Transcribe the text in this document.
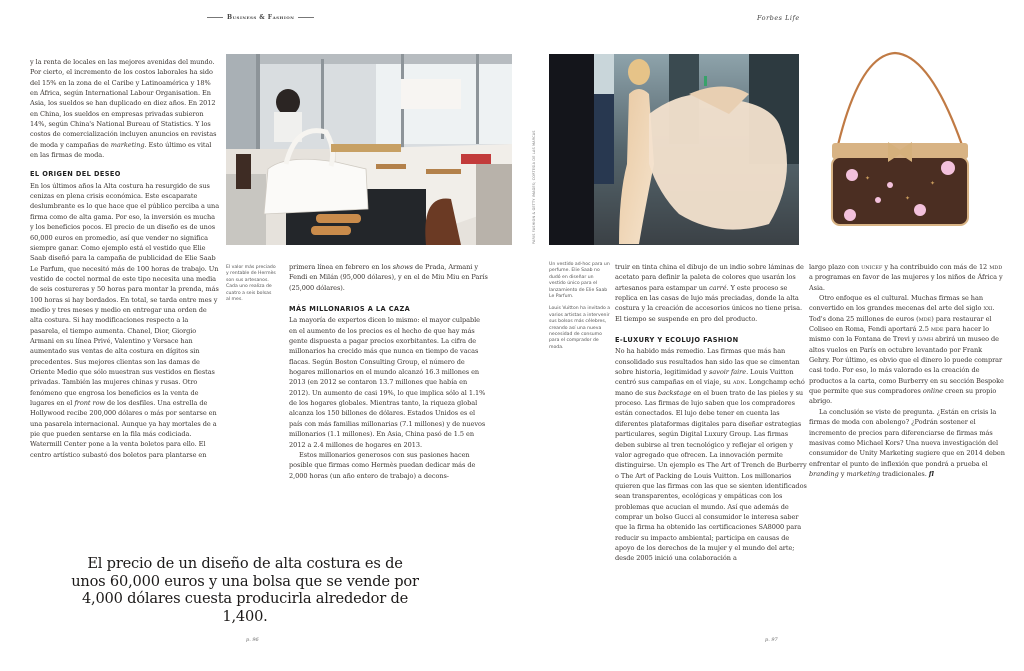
Business & Fashion

y la renta de locales en las mejores avenidas del mundo. Por cierto, el incremento de los costos laborales ha sido del 15% en la zona de el Caribe y Latinoamérica y 18% en África, según International Labour Organisation. En Asia, los sueldos se han duplicado en diez años. En 2012 en China, los sueldos en empresas privadas subieron 14%, según China's National Bureau of Statistics. Y los costos de comercialización incluyen anuncios en revistas de moda y campañas de marketing. Esto último es vital en las firmas de moda.

EL ORIGEN DEL DESEO

En los últimos años la Alta costura ha resurgido de sus cenizas en plena crisis económica. Este escaparate deslumbrante es lo que hace que el público perciba a una firma como de alta gama. Por eso, la inversión es mucha y los beneficios pocos. El precio de un diseño es de unos 60,000 euros en promedio, así que vender no significa siempre ganar. Como ejemplo está el vestido que Elie Saab diseñó para la campaña de publicidad de Elie Saab Le Parfum, que necesitó más de 100 horas de trabajo. Un vestido de coctel normal de este tipo necesita una media de seis costureras y 50 horas para montar la prenda, más 100 horas si hay bordados. En total, se tarda entre mes y medio y tres meses y medio en entregar una orden de alta costura. Si hay modificaciones respecto a la pasarela, el tiempo aumenta. Chanel, Dior, Giorgio Armani en su línea Privé, Valentino y Versace han aumentado sus ventas de alta costura en dígitos sin precedentes. Sus mejores clientas son las damas de Oriente Medio que sólo muestran sus vestidos en fiestas privadas. También las mujeres chinas y rusas. Otro fenómeno que engrosa los beneficios es la venta de lugares en el front row de los desfiles. Una estrella de Hollywood recibe 200,000 dólares o más por sentarse en una pasarela internacional. Aunque ya hay mortales de a pie que pueden sentarse en la fila más codiciada. Watermill Center pone a la venta boletos para ello. El centro artístico subastó dos boletos para plantarse en

El valor más preciado y rentable de Hermès son sus artesanos. Cada uno realiza de cuatro a seis bolsas al mes.

primera línea en febrero en los shows de Prada, Armani y Fendi en Milán (95,000 dólares), y en el de Miu Miu en París (25,000 dólares).

MÁS MILLONARIOS A LA CAZA

La mayoría de expertos dicen lo mismo: el mayor culpable en el aumento de los precios es el hecho de que hay más gente dispuesta a pagar precios exorbitantes. La cifra de millonarios ha crecido más que nunca en tiempo de vacas flacas. Según Boston Consulting Group, el número de hogares millonarios en el mundo alcanzó 16.3 millones en 2013 (en 2012 se contaron 13.7 millones que había en 2012). Un aumento de casi 19%, lo que implica sólo al 1.1% de los hogares globales. Mientras tanto, la riqueza global alcanza los 150 billones de dólares. Estados Unidos es el país con más familias millonarias (7.1 millones) y de nuevos millonarios (1.1 millones). En Asia, China pasó de 1.5 en 2012 a 2.4 millones de hogares en 2013.

Estos millonarios generosos con sus pasiones hacen posible que firmas como Hermès puedan dedicar más de 2,000 horas (un año entero de trabajo) a decons-

El precio de un diseño de alta costura es de unos 60,000 euros y una bolsa que se vende por 4,000 dólares cuesta producirla alrededor de 1,400.
p. 96
Forbes Life
PARIS FASHION & GETTY IMAGES; CORTESÍA DE LAS MARCAS	✦
✦
✦

Un vestido ad-hoc para un perfume. Elie Saab no dudó en diseñar un vestido único para el lanzamiento de Elie Saab Le Parfum.

Louis Vuitton ha invitado a varios artistas a intervenir sus bolsos más célebres, creando así una nueva necesidad de consumo para el comprador de moda.

truir en tinta china el dibujo de un indio sobre láminas de acetato para definir la paleta de colores que usarán los artesanos para estampar un carré. Y este proceso se replica en las casas de lujo más preciadas, donde la alta costura y la creación de accesorios únicos no tiene prisa. El tiempo se suspende en pro del producto.

E-LUXURY Y ECOLUJO FASHION

No ha habido más remedio. Las firmas que más han consolidado sus resultados han sido las que se cimentan sobre historia, legitimidad y savoir faire. Louis Vuitton centró sus campañas en el viaje, su adn. Longchamp echó mano de sus backstage en el buen trato de las pieles y su proceso. Las firmas de lujo saben que los compradores están conectados. El lujo debe tener en cuenta las diferentes plataformas digitales para diseñar estrategias particulares, según Digital Luxury Group. Las firmas deben subirse al tren tecnológico y reflejar el origen y valor agregado que ofrecen. La innovación permite distinguirse. Un ejemplo es The Art of Trench de Burberry o The Art of Packing de Louis Vuitton. Los millonarios quieren que las firmas con las que se sienten identificados sean transparentes, ecológicas y empáticas con los problemas que acucian el mundo. Así que además de comprar un bolso Gucci al consumidor le interesa saber que la firma ha obtenido las certificaciones SA8000 para reducir su impacto ambiental; participa en causas de apoyo de los derechos de la mujer y el mundo del arte; desde 2005 inició una colaboración a

largo plazo con unicef y ha contribuido con más de 12 mdd a programas en favor de las mujeres y los niños de África y Asia.

Otro enfoque es el cultural. Muchas firmas se han convertido en los grandes mecenas del arte del siglo xxi. Tod's dona 25 millones de euros (mde) para restaurar el Coliseo en Roma, Fendi aportará 2.5 mde para hacer lo mismo con la Fontana de Trevi y lvmh abrirá un museo de altos vuelos en París en octubre levantado por Frank Gehry. Por último, es obvio que el dinero lo puede comprar casi todo. Por eso, lo más valorado es la creación de productos a la carta, como Burberry en su sección Bespoke que permite que sus compradores online creen su propio abrigo.

La conclusión se viste de pregunta. ¿Están en crisis la firmas de moda con abolengo? ¿Podrán sostener el incremento de precios para diferenciarse de firmas más masivas como Michael Kors? Una nueva investigación del consumidor de Unity Marketing sugiere que en 2014 deben enfrentar el punto de inflexión que pondrá a prueba el branding y marketing tradicionales. fl

p. 97
